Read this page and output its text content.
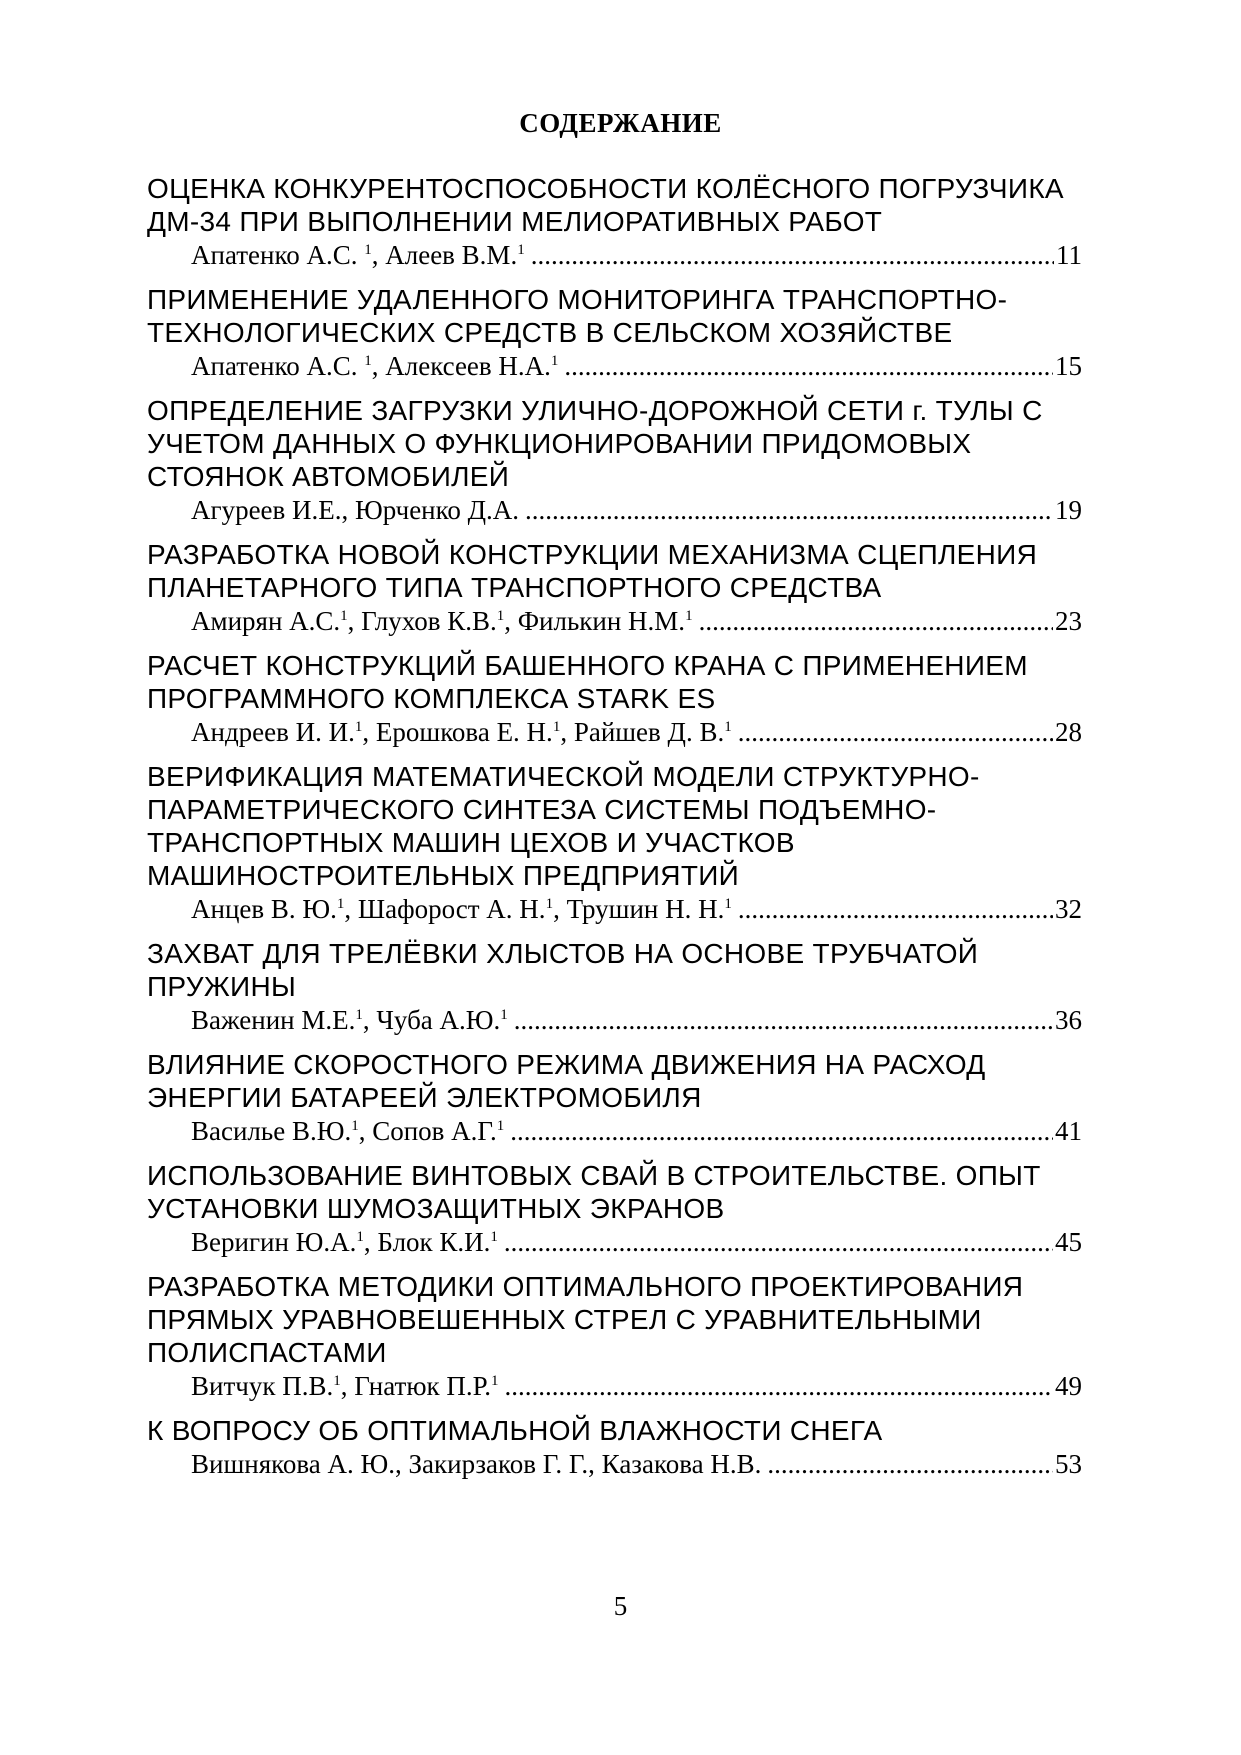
СОДЕРЖАНИЕ
ОЦЕНКА КОНКУРЕНТОСПОСОБНОСТИ КОЛЁСНОГО ПОГРУЗЧИКА
ДМ-34 ПРИ ВЫПОЛНЕНИИ МЕЛИОРАТИВНЫХ РАБОТ
Апатенко А.С. $^1$, Алеев В.М.$^1$ .....	11
ПРИМЕНЕНИЕ УДАЛЕННОГО МОНИТОРИНГА ТРАНСПОРТНО-
ТЕХНОЛОГИЧЕСКИХ СРЕДСТВ В СЕЛЬСКОМ ХОЗЯЙСТВЕ
Апатенко А.С. $^1$, Алексеев Н.А.$^1$ .....	15
ОПРЕДЕЛЕНИЕ ЗАГРУЗКИ УЛИЧНО-ДОРОЖНОЙ СЕТИ г. ТУЛЫ С
УЧЕТОМ ДАННЫХ О ФУНКЦИОНИРОВАНИИ ПРИДОМОВЫХ
СТОЯНОК АВТОМОБИЛЕЙ
Агуреев И.Е., Юрченко Д.А. .....	19
РАЗРАБОТКА НОВОЙ КОНСТРУКЦИИ МЕХАНИЗМА СЦЕПЛЕНИЯ
ПЛАНЕТАРНОГО ТИПА ТРАНСПОРТНОГО СРЕДСТВА
Амирян А.С.$^1$, Глухов К.В.$^1$, Филькин Н.М.$^1$ .....	23
РАСЧЕТ КОНСТРУКЦИЙ БАШЕННОГО КРАНА С ПРИМЕНЕНИЕМ
ПРОГРАММНОГО КОМПЛЕКСА STARK ES
Андреев И. И.$^1$, Ерошкова Е. Н.$^1$, Райшев Д. В.$^1$ .....	28
ВЕРИФИКАЦИЯ МАТЕМАТИЧЕСКОЙ МОДЕЛИ СТРУКТУРНО-
ПАРАМЕТРИЧЕСКОГО СИНТЕЗА СИСТЕМЫ ПОДЪЕМНО-
ТРАНСПОРТНЫХ МАШИН ЦЕХОВ И УЧАСТКОВ
МАШИНОСТРОИТЕЛЬНЫХ ПРЕДПРИЯТИЙ
Анцев В. Ю.$^1$, Шафорост А. Н.$^1$, Трушин Н. Н.$^1$ .....	32
ЗАХВАТ ДЛЯ ТРЕЛЁВКИ ХЛЫСТОВ НА ОСНОВЕ ТРУБЧАТОЙ
ПРУЖИНЫ
Важенин М.Е.$^1$, Чуба А.Ю.$^1$ .....	36
ВЛИЯНИЕ СКОРОСТНОГО РЕЖИМА ДВИЖЕНИЯ НА РАСХОД
ЭНЕРГИИ БАТАРЕЕЙ ЭЛЕКТРОМОБИЛЯ
Василье В.Ю.$^1$, Сопов А.Г.$^1$ .....	41
ИСПОЛЬЗОВАНИЕ ВИНТОВЫХ СВАЙ В СТРОИТЕЛЬСТВЕ. ОПЫТ
УСТАНОВКИ ШУМОЗАЩИТНЫХ ЭКРАНОВ
Веригин Ю.А.$^1$, Блок К.И.$^1$ .....	45
РАЗРАБОТКА МЕТОДИКИ ОПТИМАЛЬНОГО ПРОЕКТИРОВАНИЯ
ПРЯМЫХ УРАВНОВЕШЕННЫХ СТРЕЛ С УРАВНИТЕЛЬНЫМИ
ПОЛИСПАСТАМИ
Витчук П.В.$^1$, Гнатюк П.Р.$^1$ .....	49
К ВОПРОСУ ОБ ОПТИМАЛЬНОЙ ВЛАЖНОСТИ СНЕГА
Вишнякова А. Ю., Закирзаков Г. Г., Казакова Н.В. .....	53
5
